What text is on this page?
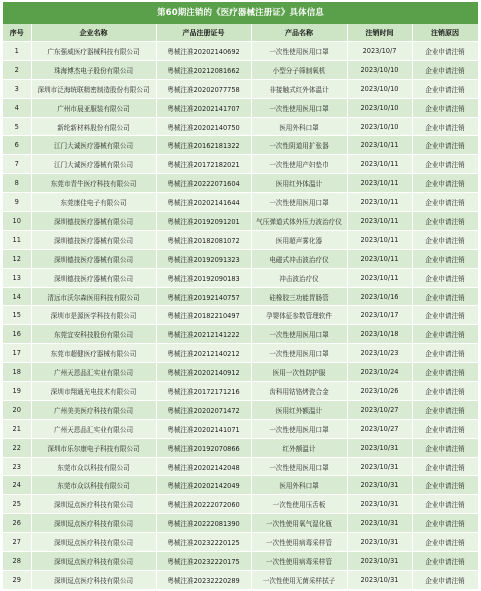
第60期注销的《医疗器械注册证》具体信息
序号	企业名称	产品注册证号	产品名称	注销时间	注销原因
1	广东强威医疗器械科技有限公司	粤械注准20202140692	一次性使用医用口罩	2023/10/7	企业申请注销
2	珠海博杰电子股份有限公司	粤械注准20212081662	小型分子筛制氧机	2023/10/10	企业申请注销
3	深圳市泛海统联精密制造股份有限公司	粤械注准20202077758	非接触式红外体温计	2023/10/10	企业申请注销
4	广州市晨亚服装有限公司	粤械注准20202141707	一次性使用医用口罩	2023/10/10	企业申请注销
5	新纶新材料股份有限公司	粤械注准20202140750	医用外科口罩	2023/10/10	企业申请注销
6	江门大诚医疗器械有限公司	粤械注准20162181322	一次性阴道用扩张器	2023/10/11	企业申请注销
7	江门大诚医疗器械有限公司	粤械注准20172182021	一次性使用产妇垫巾	2023/10/11	企业申请注销
8	东莞市青牛医疗科技有限公司	粤械注准20222071604	医用红外体温计	2023/10/11	企业申请注销
9	东莞康佳电子有限公司	粤械注准20202141644	一次性使用医用口罩	2023/10/11	企业申请注销
10	深圳德技医疗器械有限公司	粤械注准20192091201	气压弹道式体外压力波治疗仪	2023/10/11	企业申请注销
11	深圳德技医疗器械有限公司	粤械注准20182081072	医用超声雾化器	2023/10/11	企业申请注销
12	深圳德技医疗器械有限公司	粤械注准20192091323	电磁式冲击波治疗仪	2023/10/11	企业申请注销
13	深圳德技医疗器械有限公司	粤械注准20192090183	冲击波治疗仪	2023/10/11	企业申请注销
14	清远市沃尔森医用科技有限公司	粤械注准20192140757	硅橡胶三功能胃肠管	2023/10/16	企业申请注销
15	深圳市是源医学科技有限公司	粤械注准20182210497	孕婴体征参数管理软件	2023/10/17	企业申请注销
16	东莞宜安科技股份有限公司	粤械注准20212141222	一次性使用医用口罩	2023/10/18	企业申请注销
17	东莞市超健医疗器械有限公司	粤械注准20212140212	一次性使用医用口罩	2023/10/23	企业申请注销
18	广州天恩品汇实业有限公司	粤械注准20202140912	医用一次性防护服	2023/10/24	企业申请注销
19	深圳市翔通光电技术有限公司	粤械注准20172171216	齿科用钴铬烤瓷合金	2023/10/26	企业申请注销
20	广州美美医疗科技有限公司	粤械注准20202071472	医用红外额温计	2023/10/27	企业申请注销
21	广州天恩品汇实业有限公司	粤械注准20202141071	一次性使用医用口罩	2023/10/27	企业申请注销
22	深圳市乐尔康电子科技有限公司	粤械注准20192070866	红外额温计	2023/10/31	企业申请注销
23	东莞市众以科技有限公司	粤械注准20202142048	一次性使用医用口罩	2023/10/31	企业申请注销
24	东莞市众以科技有限公司	粤械注准20202142049	医用外科口罩	2023/10/31	企业申请注销
25	深圳逗点医疗科技有限公司	粤械注准20222072060	一次性使用压舌板	2023/10/31	企业申请注销
26	深圳逗点医疗科技有限公司	粤械注准20222081390	一次性使用氧气湿化瓶	2023/10/31	企业申请注销
27	深圳逗点医疗科技有限公司	粤械注准20232220125	一次性使用病毒采样管	2023/10/31	企业申请注销
28	深圳逗点医疗科技有限公司	粤械注准20232220175	一次性使用病毒采样管	2023/10/31	企业申请注销
29	深圳逗点医疗科技有限公司	粤械注准20232220289	一次性使用无菌采样拭子	2023/10/31	企业申请注销
